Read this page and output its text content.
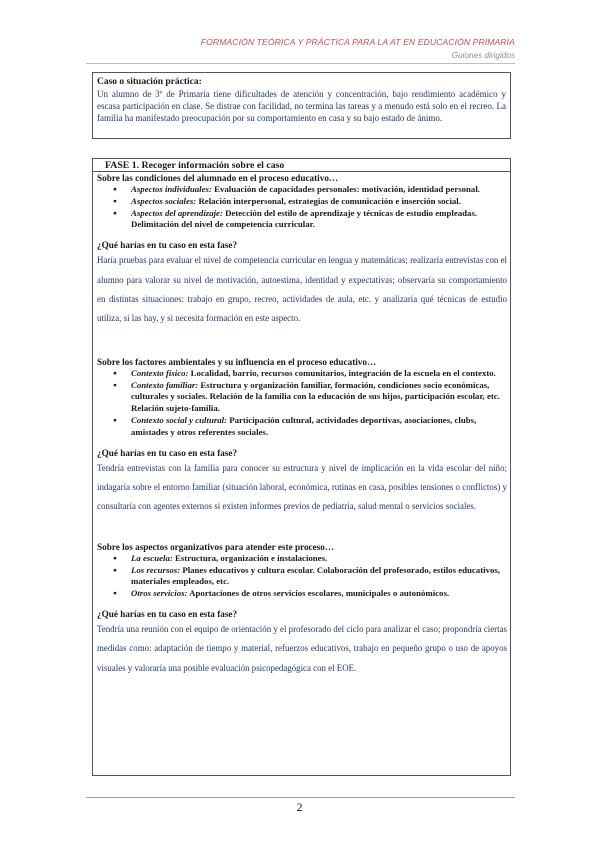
FORMACIÓN TEÓRICA Y PRÁCTICA PARA LA AT EN EDUCACIÓN PRIMARIA
Guiones dirigidos
Caso o situación práctica:
Un alumno de 3º de Primaria tiene dificultades de atención y concentración, bajo rendimiento académico y escasa participación en clase. Se distrae con facilidad, no termina las tareas y a menudo está solo en el recreo. La familia ha manifestado preocupación por su comportamiento en casa y su bajo estado de ánimo.
FASE 1. Recoger información sobre el caso
Sobre las condiciones del alumnado en el proceso educativo…
● Aspectos individuales: Evaluación de capacidades personales: motivación, identidad personal.
● Aspectos sociales: Relación interpersonal, estrategias de comunicación e inserción social.
● Aspectos del aprendizaje: Detección del estilo de aprendizaje y técnicas de estudio empleadas. Delimitación del nivel de competencia curricular.
¿Qué harías en tu caso en esta fase?
Haría pruebas para evaluar el nivel de competencia curricular en lengua y matemáticas; realizaría entrevistas con el alumno para valorar su nivel de motivación, autoestima, identidad y expectativas; observaría su comportamiento en distintas situaciones: trabajo en grupo, recreo, actividades de aula, etc. y analizaría qué técnicas de estudio utiliza, si las hay, y si necesita formación en este aspecto.
Sobre los factores ambientales y su influencia en el proceso educativo…
● Contexto físico: Localidad, barrio, recursos comunitarios, integración de la escuela en el contexto.
● Contexto familiar: Estructura y organización familiar, formación, condiciones socio económicas, culturales y sociales. Relación de la familia con la educación de sus hijos, participación escolar, etc. Relación sujeto-familia.
● Contexto social y cultural: Participación cultural, actividades deportivas, asociaciones, clubs, amistades y otros referentes sociales.
¿Qué harías en tu caso en esta fase?
Tendría entrevistas con la familia para conocer su estructura y nivel de implicación en la vida escolar del niño; indagaría sobre el entorno familiar (situación laboral, económica, rutinas en casa, posibles tensiones o conflictos) y consultaría con agentes externos si existen informes previos de pediatría, salud mental o servicios sociales.
Sobre los aspectos organizativos para atender este proceso…
● La escuela: Estructura, organización e instalaciones.
● Los recursos: Planes educativos y cultura escolar. Colaboración del profesorado, estilos educativos, materiales empleados, etc.
● Otros servicios: Aportaciones de otros servicios escolares, municipales o autonómicos.
¿Qué harías en tu caso en esta fase?
Tendría una reunión con el equipo de orientación y el profesorado del ciclo para analizar el caso; propondría ciertas medidas como: adaptación de tiempo y material, refuerzos educativos, trabajo en pequeño grupo o uso de apoyos visuales y valoraría una posible evaluación psicopedagógica con el EOE.
2
